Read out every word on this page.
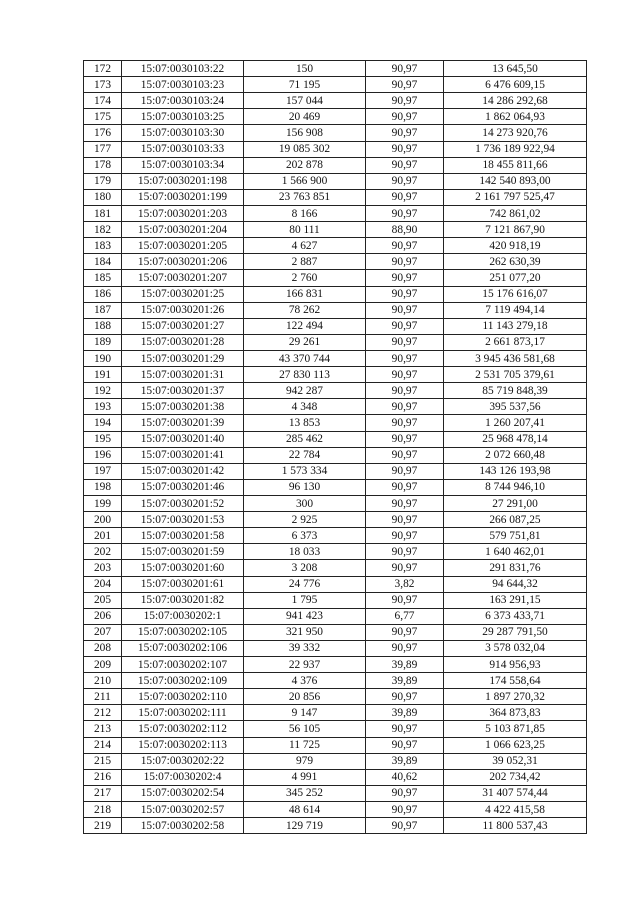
172	15:07:0030103:22	150	90,97	13 645,50
173	15:07:0030103:23	71 195	90,97	6 476 609,15
174	15:07:0030103:24	157 044	90,97	14 286 292,68
175	15:07:0030103:25	20 469	90,97	1 862 064,93
176	15:07:0030103:30	156 908	90,97	14 273 920,76
177	15:07:0030103:33	19 085 302	90,97	1 736 189 922,94
178	15:07:0030103:34	202 878	90,97	18 455 811,66
179	15:07:0030201:198	1 566 900	90,97	142 540 893,00
180	15:07:0030201:199	23 763 851	90,97	2 161 797 525,47
181	15:07:0030201:203	8 166	90,97	742 861,02
182	15:07:0030201:204	80 111	88,90	7 121 867,90
183	15:07:0030201:205	4 627	90,97	420 918,19
184	15:07:0030201:206	2 887	90,97	262 630,39
185	15:07:0030201:207	2 760	90,97	251 077,20
186	15:07:0030201:25	166 831	90,97	15 176 616,07
187	15:07:0030201:26	78 262	90,97	7 119 494,14
188	15:07:0030201:27	122 494	90,97	11 143 279,18
189	15:07:0030201:28	29 261	90,97	2 661 873,17
190	15:07:0030201:29	43 370 744	90,97	3 945 436 581,68
191	15:07:0030201:31	27 830 113	90,97	2 531 705 379,61
192	15:07:0030201:37	942 287	90,97	85 719 848,39
193	15:07:0030201:38	4 348	90,97	395 537,56
194	15:07:0030201:39	13 853	90,97	1 260 207,41
195	15:07:0030201:40	285 462	90,97	25 968 478,14
196	15:07:0030201:41	22 784	90,97	2 072 660,48
197	15:07:0030201:42	1 573 334	90,97	143 126 193,98
198	15:07:0030201:46	96 130	90,97	8 744 946,10
199	15:07:0030201:52	300	90,97	27 291,00
200	15:07:0030201:53	2 925	90,97	266 087,25
201	15:07:0030201:58	6 373	90,97	579 751,81
202	15:07:0030201:59	18 033	90,97	1 640 462,01
203	15:07:0030201:60	3 208	90,97	291 831,76
204	15:07:0030201:61	24 776	3,82	94 644,32
205	15:07:0030201:82	1 795	90,97	163 291,15
206	15:07:0030202:1	941 423	6,77	6 373 433,71
207	15:07:0030202:105	321 950	90,97	29 287 791,50
208	15:07:0030202:106	39 332	90,97	3 578 032,04
209	15:07:0030202:107	22 937	39,89	914 956,93
210	15:07:0030202:109	4 376	39,89	174 558,64
211	15:07:0030202:110	20 856	90,97	1 897 270,32
212	15:07:0030202:111	9 147	39,89	364 873,83
213	15:07:0030202:112	56 105	90,97	5 103 871,85
214	15:07:0030202:113	11 725	90,97	1 066 623,25
215	15:07:0030202:22	979	39,89	39 052,31
216	15:07:0030202:4	4 991	40,62	202 734,42
217	15:07:0030202:54	345 252	90,97	31 407 574,44
218	15:07:0030202:57	48 614	90,97	4 422 415,58
219	15:07:0030202:58	129 719	90,97	11 800 537,43
